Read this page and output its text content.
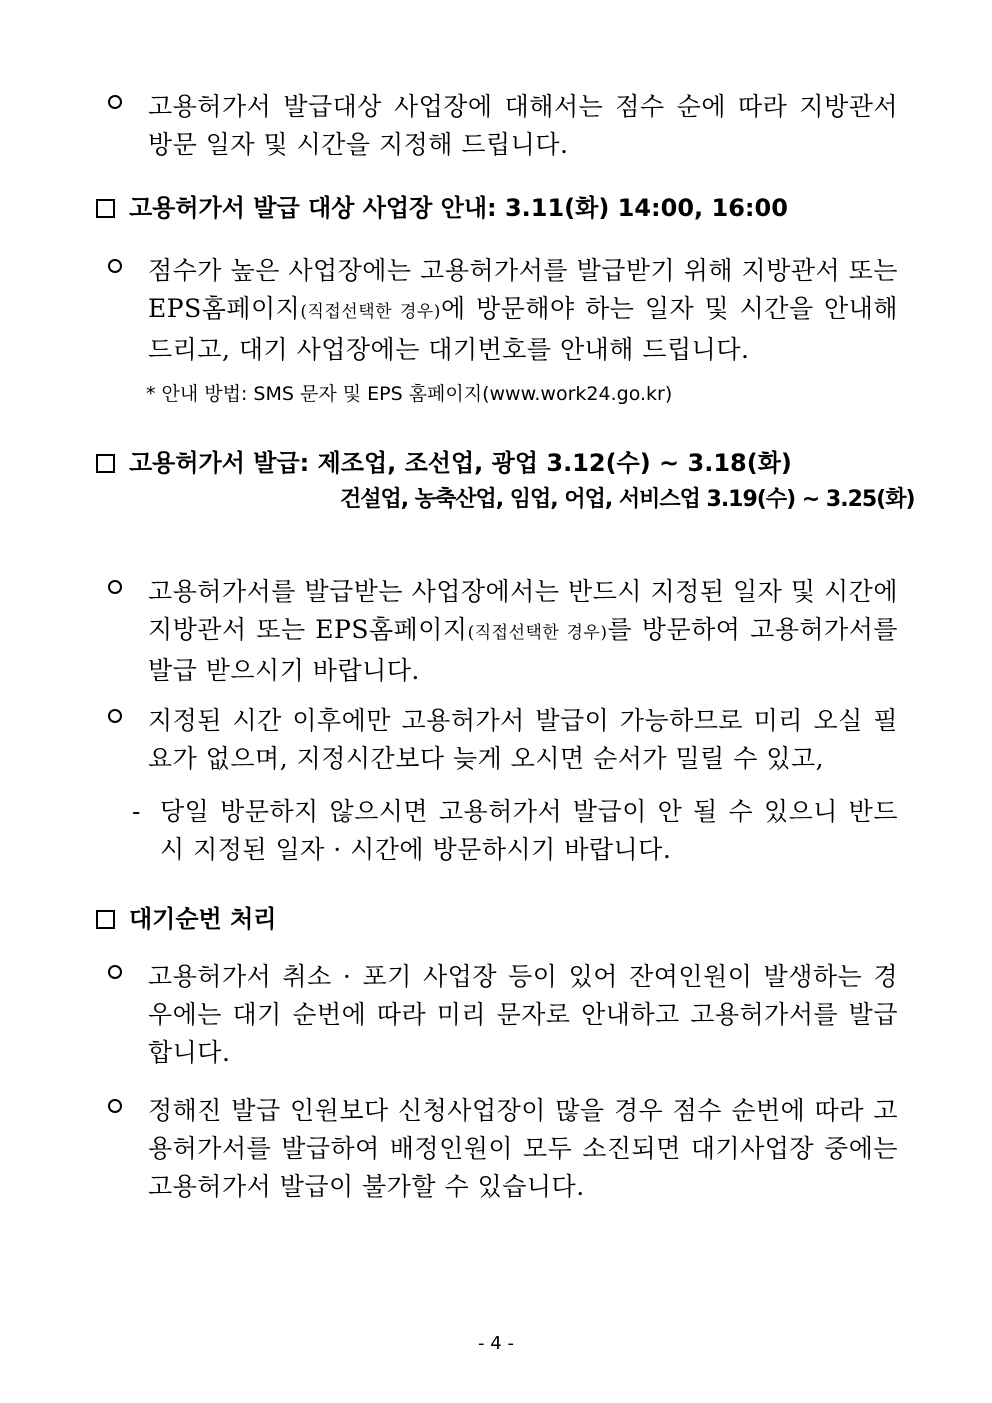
고용허가서 발급대상 사업장에 대해서는 점수 순에 따라 지방관서 방문 일자 및 시간을 지정해 드립니다.
고용허가서 발급 대상 사업장 안내: 3.11(화) 14:00, 16:00
점수가 높은 사업장에는 고용허가서를 발급받기 위해 지방관서 또는 EPS홈페이지(직접선택한 경우)에 방문해야 하는 일자 및 시간을 안내해 드리고, 대기 사업장에는 대기번호를 안내해 드립니다.
* 안내 방법: SMS 문자 및 EPS 홈페이지(www.work24.go.kr)
고용허가서 발급: 제조업, 조선업, 광업 3.12(수) ~ 3.18(화)
건설업, 농축산업, 임업, 어업, 서비스업 3.19(수) ~ 3.25(화)
고용허가서를 발급받는 사업장에서는 반드시 지정된 일자 및 시간에 지방관서 또는 EPS홈페이지(직접선택한 경우)를 방문하여 고용허가서를 발급 받으시기 바랍니다.
지정된 시간 이후에만 고용허가서 발급이 가능하므로 미리 오실 필요가 없으며, 지정시간보다 늦게 오시면 순서가 밀릴 수 있고,
- 당일 방문하지 않으시면 고용허가서 발급이 안 될 수 있으니 반드시 지정된 일자 · 시간에 방문하시기 바랍니다.
대기순번 처리
고용허가서 취소 · 포기 사업장 등이 있어 잔여인원이 발생하는 경우에는 대기 순번에 따라 미리 문자로 안내하고 고용허가서를 발급합니다.
정해진 발급 인원보다 신청사업장이 많을 경우 점수 순번에 따라 고용허가서를 발급하여 배정인원이 모두 소진되면 대기사업장 중에는 고용허가서 발급이 불가할 수 있습니다.
- 4 -
